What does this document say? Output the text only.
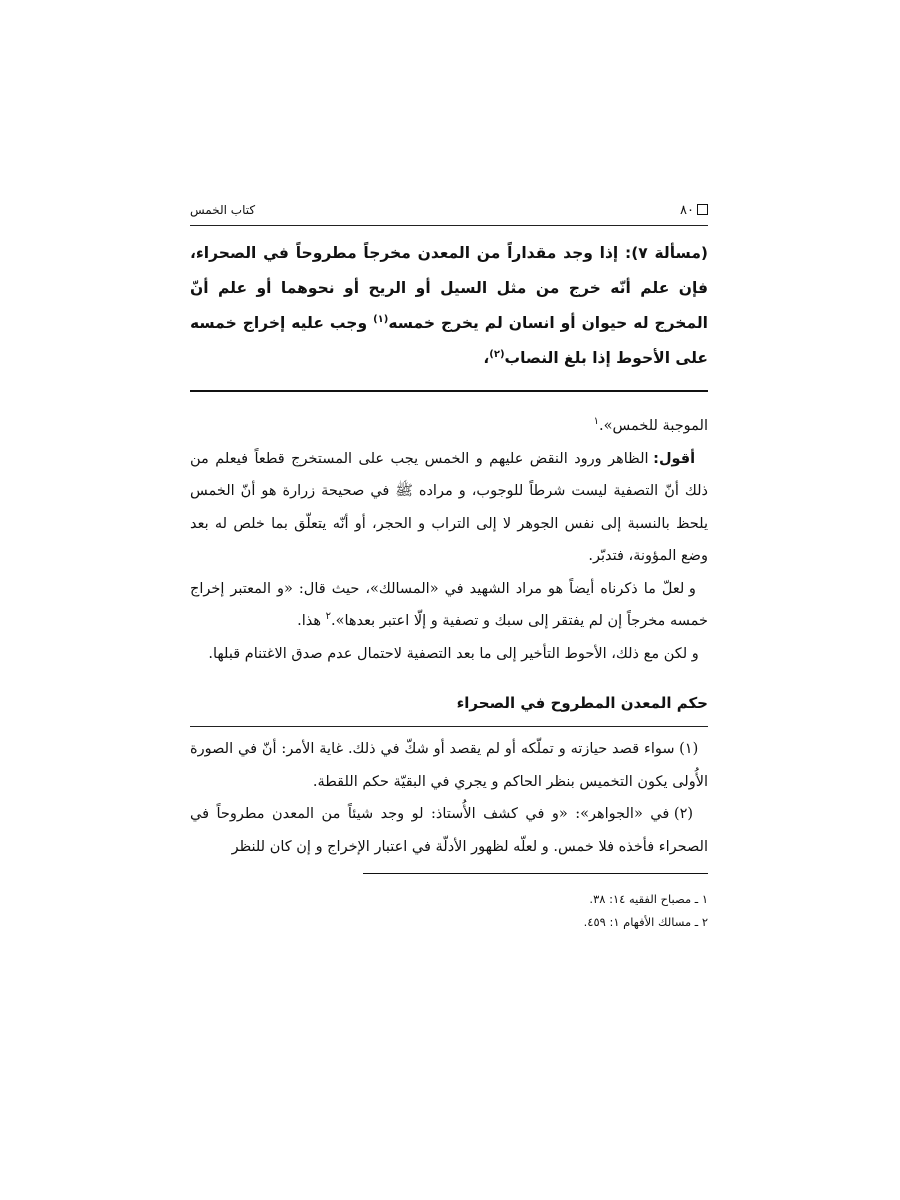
٨٠
كتاب الخمس

(مسألة ٧): إذا وجد مقداراً من المعدن مخرجاً مطروحاً في الصحراء، فإن علم أنّه خرج من مثل السيل أو الريح أو نحوهما أو علم أنّ المخرج له حيوان أو انسان لم يخرج خمسه$^{(١)}$ وجب عليه إخراج خمسه على الأحوط إذا بلغ النصاب$^{(٢)}$،

الموجبة للخمس».$^١$

أقول: الظاهر ورود النقض عليهم و الخمس يجب على المستخرج قطعاً فيعلم من ذلك أنّ التصفية ليست شرطاً للوجوب، و مراده ﷺ في صحيحة زرارة هو أنّ الخمس يلحظ بالنسبة إلى نفس الجوهر لا إلى التراب و الحجر، أو أنّه يتعلّق بما خلص له بعد وضع المؤونة، فتدبّر.

و لعلّ ما ذكرناه أيضاً هو مراد الشهيد في «المسالك»، حيث قال: «و المعتبر إخراج خمسه مخرجاً إن لم يفتقر إلى سبك و تصفية و إلّا اعتبر بعدها».$^٢$ هذا.

و لكن مع ذلك، الأحوط التأخير إلى ما بعد التصفية لاحتمال عدم صدق الاغتنام قبلها.

حكم المعدن المطروح في الصحراء

(١) سواء قصد حيازته و تملّكه أو لم يقصد أو شكّ في ذلك. غاية الأمر: أنّ في الصورة الأُولى يكون التخميس بنظر الحاكم و يجري في البقيّة حكم اللقطة.

(٢) في «الجواهر»: «و في كشف الأُستاذ: لو وجد شيئاً من المعدن مطروحاً في الصحراء فأخذه فلا خمس. و لعلّه لظهور الأدلّة في اعتبار الإخراج و إن كان للنظر

١ ـ مصباح الفقيه ١٤: ٣٨.

٢ ـ مسالك الأفهام ١: ٤٥٩.
